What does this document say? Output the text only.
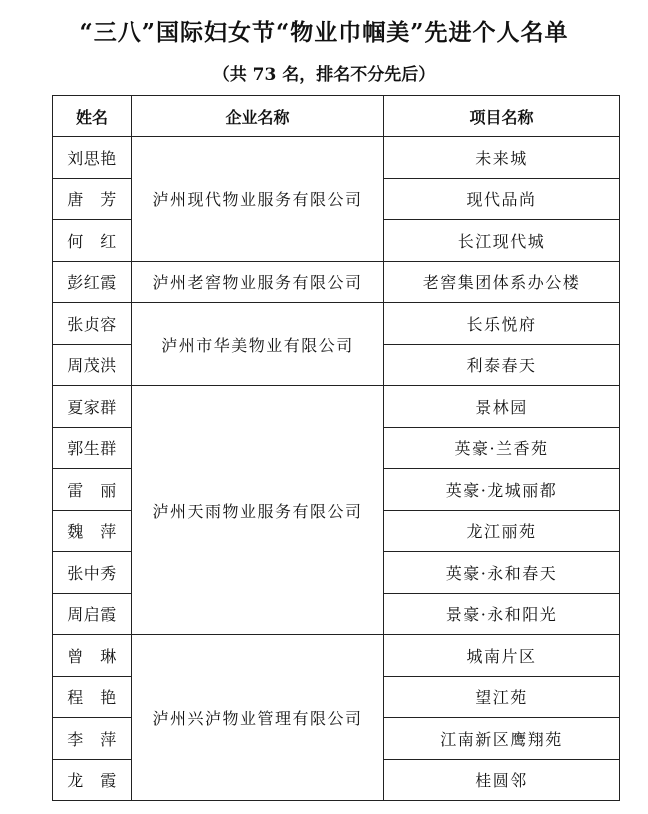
“三八”国际妇女节“物业巾帼美”先进个人名单
（共 73 名，排名不分先后）
姓名	企业名称	项目名称
刘思艳	泸州现代物业服务有限公司	未来城
唐　芳		现代品尚
何　红		长江现代城
彭红霞	泸州老窖物业服务有限公司	老窖集团体系办公楼
张贞容	泸州市华美物业有限公司	长乐悦府
周茂洪		利泰春天
夏家群	泸州天雨物业服务有限公司	景林园
郭生群		英豪·兰香苑
雷　丽		英豪·龙城丽都
魏　萍		龙江丽苑
张中秀		英豪·永和春天
周启霞		景豪·永和阳光
曾　琳	泸州兴泸物业管理有限公司	城南片区
程　艳		望江苑
李　萍		江南新区鹰翔苑
龙　霞		桂圆邻
